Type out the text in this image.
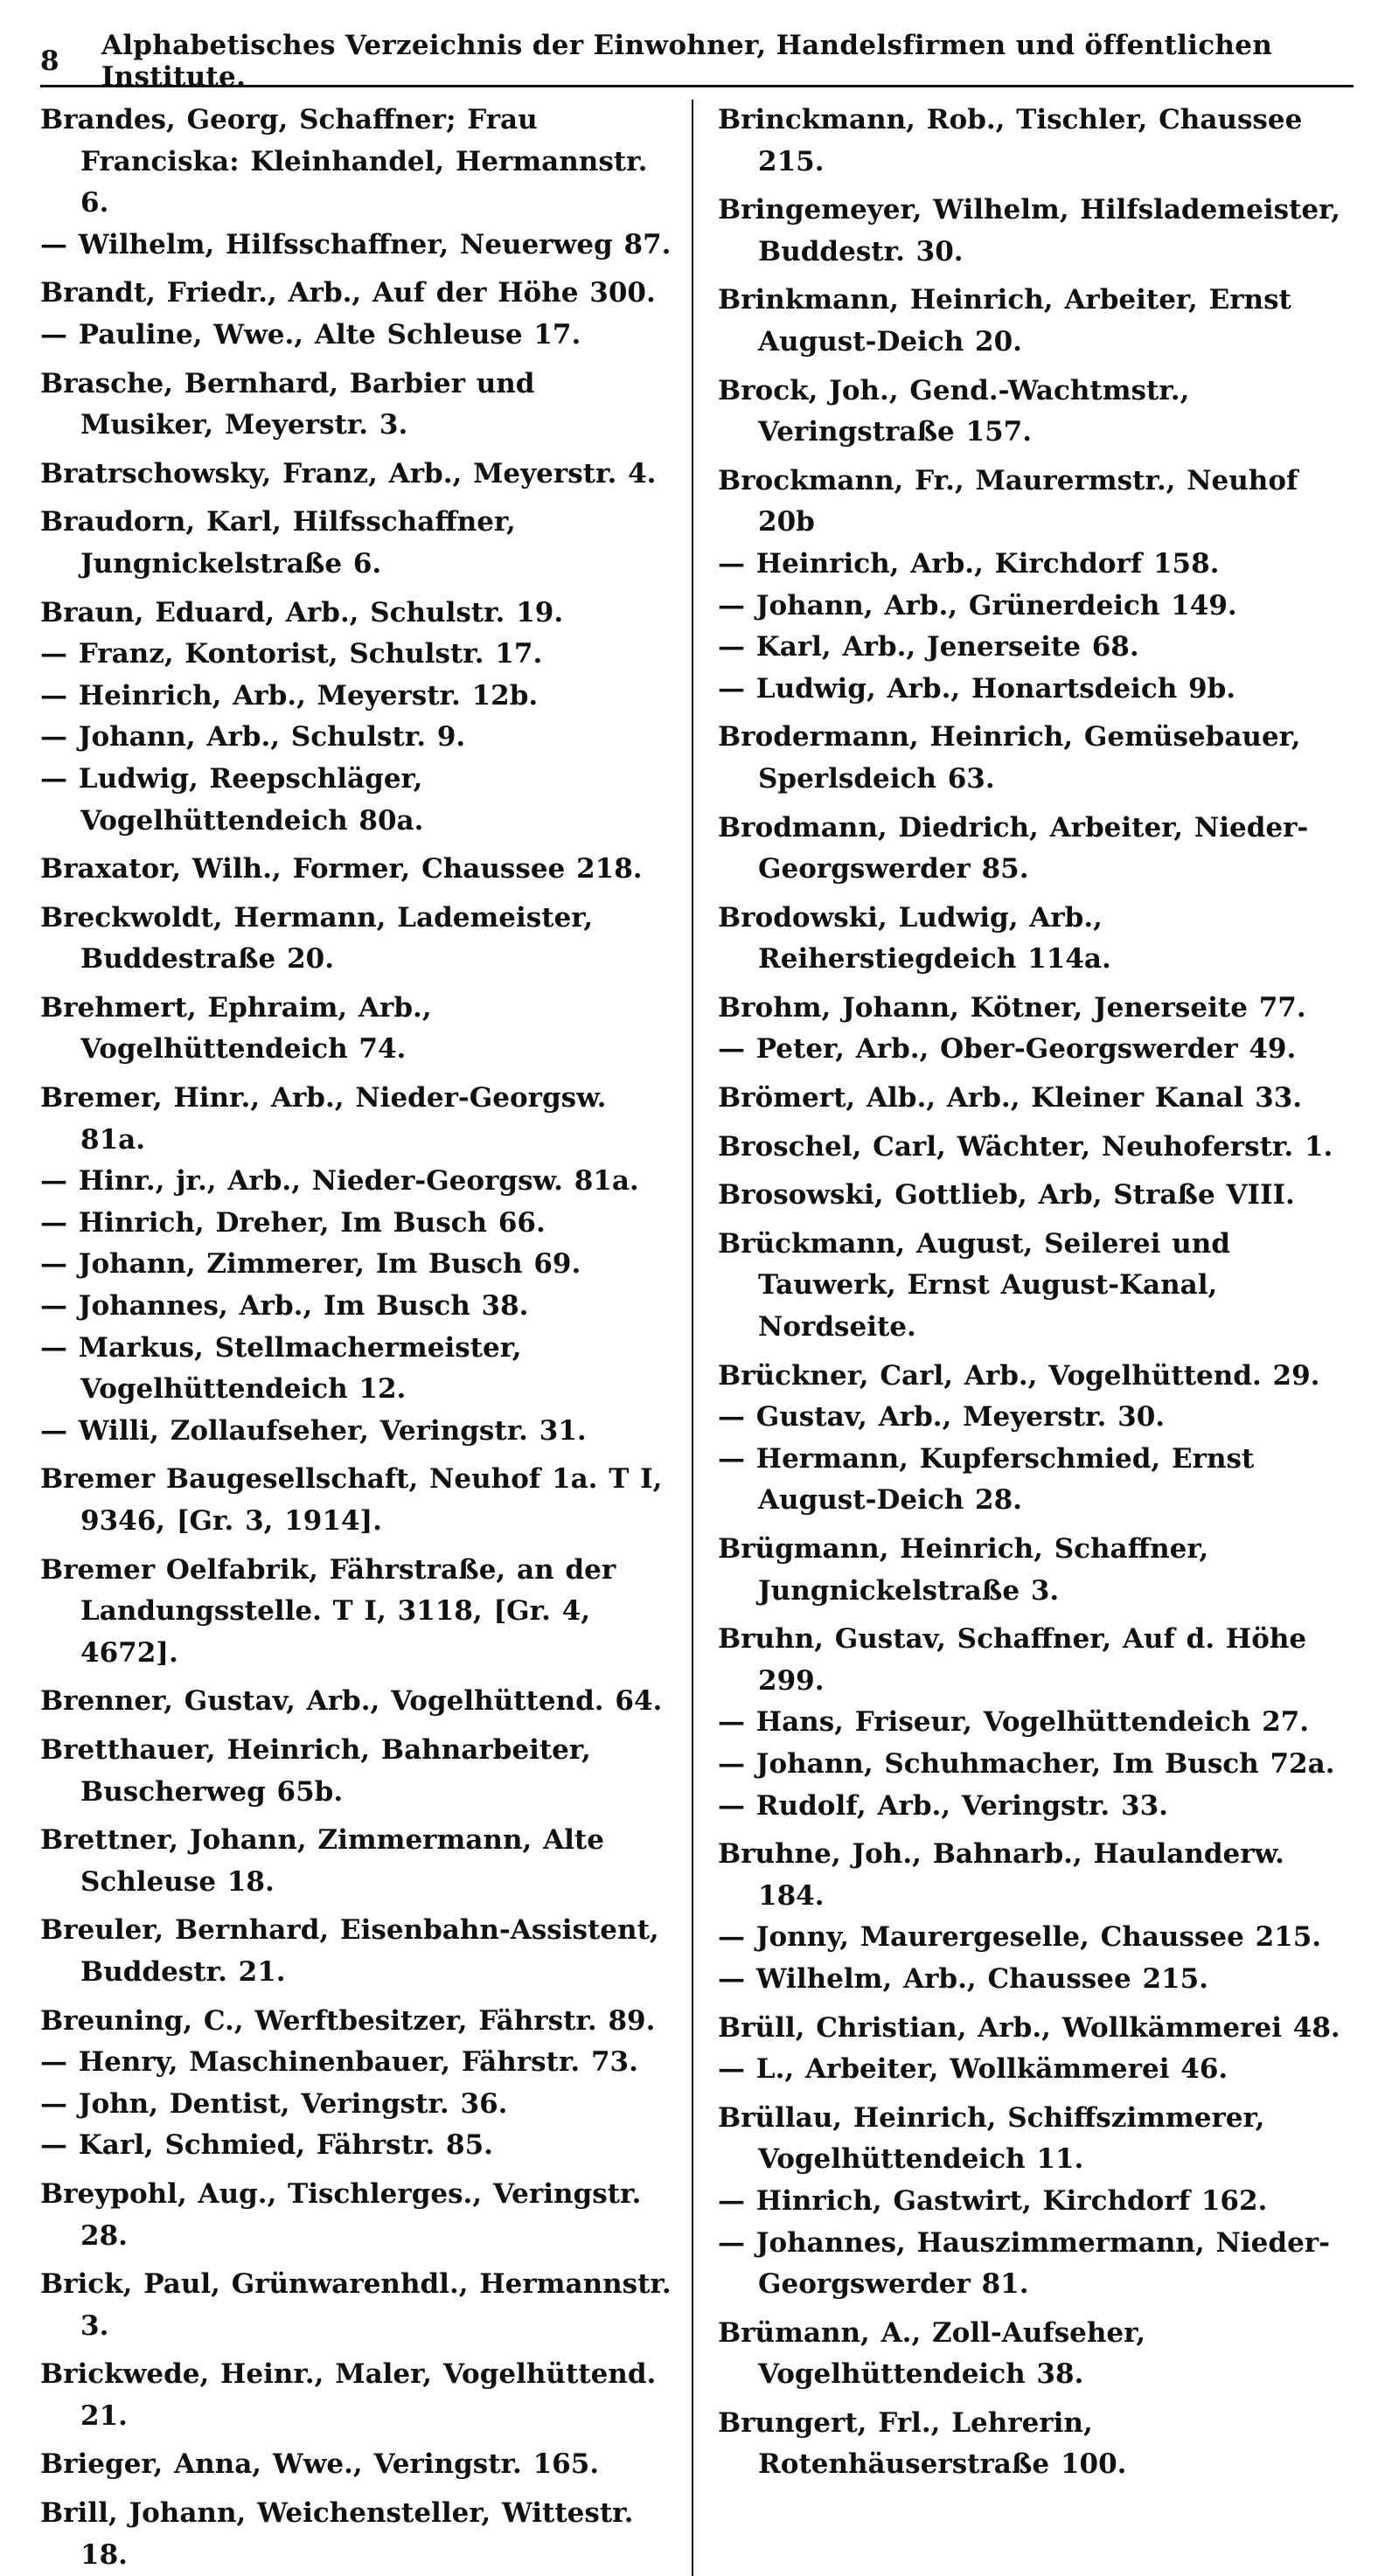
8 Alphabetisches Verzeichnis der Einwohner, Handelsfirmen und öffentlichen Institute.

Brandes, Georg, Schaffner; Frau Franciska: Kleinhandel, Hermannstr. 6.

— Wilhelm, Hilfsschaffner, Neuerweg 87.

Brandt, Friedr., Arb., Auf der Höhe 300.

— Pauline, Wwe., Alte Schleuse 17.

Brasche, Bernhard, Barbier und Musiker, Meyerstr. 3.

Bratrschowsky, Franz, Arb., Meyerstr. 4.

Braudorn, Karl, Hilfsschaffner, Jungnickelstraße 6.

Braun, Eduard, Arb., Schulstr. 19.

— Franz, Kontorist, Schulstr. 17.

— Heinrich, Arb., Meyerstr. 12b.

— Johann, Arb., Schulstr. 9.

— Ludwig, Reepschläger, Vogelhüttendeich 80a.

Braxator, Wilh., Former, Chaussee 218.

Breckwoldt, Hermann, Lademeister, Buddestraße 20.

Brehmert, Ephraim, Arb., Vogelhüttendeich 74.

Bremer, Hinr., Arb., Nieder-Georgsw. 81a.

— Hinr., jr., Arb., Nieder-Georgsw. 81a.

— Hinrich, Dreher, Im Busch 66.

— Johann, Zimmerer, Im Busch 69.

— Johannes, Arb., Im Busch 38.

— Markus, Stellmachermeister, Vogelhüttendeich 12.

— Willi, Zollaufseher, Veringstr. 31.

Bremer Baugesellschaft, Neuhof 1a. T I, 9346, [Gr. 3, 1914].

Bremer Oelfabrik, Fährstraße, an der Landungsstelle. T I, 3118, [Gr. 4, 4672].

Brenner, Gustav, Arb., Vogelhüttend. 64.

Bretthauer, Heinrich, Bahnarbeiter, Buscherweg 65b.

Brettner, Johann, Zimmermann, Alte Schleuse 18.

Breuler, Bernhard, Eisenbahn-Assistent, Buddestr. 21.

Breuning, C., Werftbesitzer, Fährstr. 89.

— Henry, Maschinenbauer, Fährstr. 73.

— John, Dentist, Veringstr. 36.

— Karl, Schmied, Fährstr. 85.

Breypohl, Aug., Tischlerges., Veringstr. 28.

Brick, Paul, Grünwarenhdl., Hermannstr. 3.

Brickwede, Heinr., Maler, Vogelhüttend. 21.

Brieger, Anna, Wwe., Veringstr. 165.

Brill, Johann, Weichensteller, Wittestr. 18.

Brinckmann, Rob., Tischler, Chaussee 215.

Bringemeyer, Wilhelm, Hilfslademeister, Buddestr. 30.

Brinkmann, Heinrich, Arbeiter, Ernst August-Deich 20.

Brock, Joh., Gend.-Wachtmstr., Veringstraße 157.

Brockmann, Fr., Maurermstr., Neuhof 20b

— Heinrich, Arb., Kirchdorf 158.

— Johann, Arb., Grünerdeich 149.

— Karl, Arb., Jenerseite 68.

— Ludwig, Arb., Honartsdeich 9b.

Brodermann, Heinrich, Gemüsebauer, Sperlsdeich 63.

Brodmann, Diedrich, Arbeiter, Nieder-Georgswerder 85.

Brodowski, Ludwig, Arb., Reiherstiegdeich 114a.

Brohm, Johann, Kötner, Jenerseite 77.

— Peter, Arb., Ober-Georgswerder 49.

Brömert, Alb., Arb., Kleiner Kanal 33.

Broschel, Carl, Wächter, Neuhoferstr. 1.

Brosowski, Gottlieb, Arb, Straße VIII.

Brückmann, August, Seilerei und Tauwerk, Ernst August-Kanal, Nordseite.

Brückner, Carl, Arb., Vogelhüttend. 29.

— Gustav, Arb., Meyerstr. 30.

— Hermann, Kupferschmied, Ernst August-Deich 28.

Brügmann, Heinrich, Schaffner, Jungnickelstraße 3.

Bruhn, Gustav, Schaffner, Auf d. Höhe 299.

— Hans, Friseur, Vogelhüttendeich 27.

— Johann, Schuhmacher, Im Busch 72a.

— Rudolf, Arb., Veringstr. 33.

Bruhne, Joh., Bahnarb., Haulanderw. 184.

— Jonny, Maurergeselle, Chaussee 215.

— Wilhelm, Arb., Chaussee 215.

Brüll, Christian, Arb., Wollkämmerei 48.

— L., Arbeiter, Wollkämmerei 46.

Brüllau, Heinrich, Schiffszimmerer, Vogelhüttendeich 11.

— Hinrich, Gastwirt, Kirchdorf 162.

— Johannes, Hauszimmermann, Nieder-Georgswerder 81.

Brümann, A., Zoll-Aufseher, Vogelhüttendeich 38.

Brungert, Frl., Lehrerin, Rotenhäuserstraße 100.
